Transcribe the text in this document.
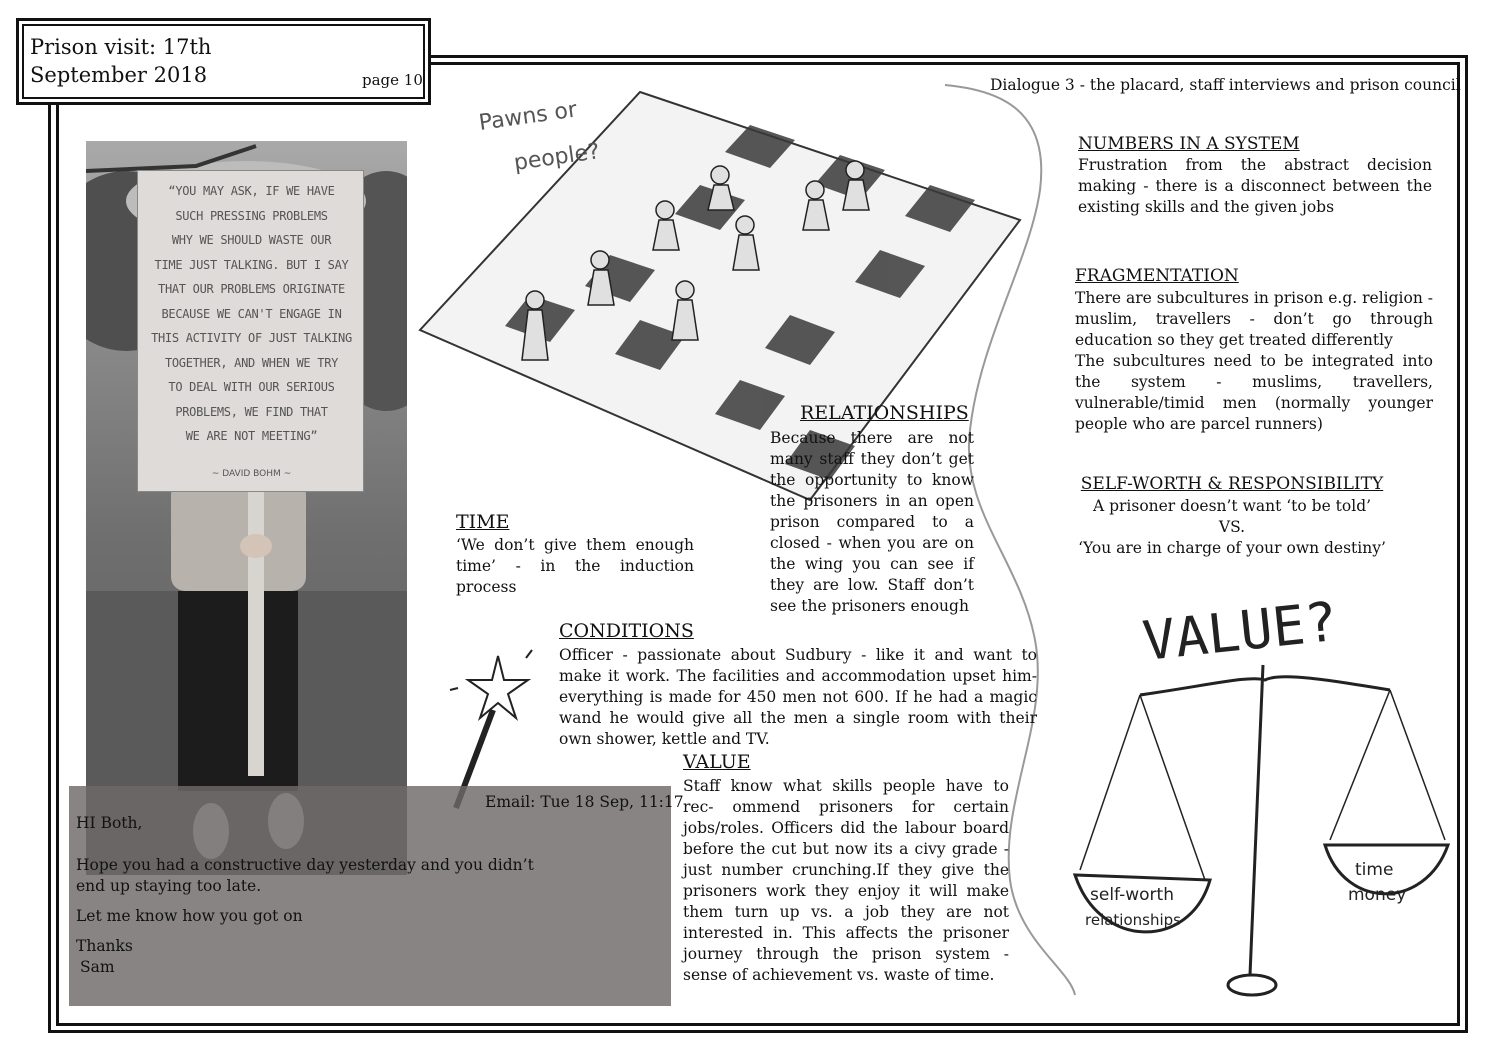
Prison visit: 17th September 2018	page 10	Dialogue 3 - the placard, staff interviews and prison council
“YOU MAY ASK, IF WE HAVE
SUCH PRESSING PROBLEMS
WHY WE SHOULD WASTE OUR
TIME JUST TALKING. BUT I SAY
THAT OUR PROBLEMS ORIGINATE
BECAUSE WE CAN'T ENGAGE IN
THIS ACTIVITY OF JUST TALKING
TOGETHER, AND WHEN WE TRY
TO DEAL WITH OUR SERIOUS
PROBLEMS, WE FIND THAT
WE ARE NOT MEETING”
~ DAVID BOHM ~
Pawns or
people?
RELATIONSHIPS
Because there are not many staff they don’t get the opportunity to know the prisoners in an open prison compared to a closed - when you are on the wing you can see if they are low. Staff don’t see the prisoners enough
TIME
‘We don’t give them enough time’ - in the induction process
CONDITIONS
Officer - passionate about Sudbury - like it and want to make it work. The facilities and accommodation upset him- everything is made for 450 men not 600. If he had a magic wand he would give all the men a single room with their own shower, kettle and TV.
VALUE
Staff know what skills people have to rec- ommend prisoners for certain jobs/roles. Officers did the labour board before the cut but now its a civy grade - just number crunching.If they give the prisoners work they enjoy it will make them turn up vs. a job they are not interested in. This affects the prisoner journey through the prison system - sense of achievement vs. waste of time.
NUMBERS IN A SYSTEM
Frustration from the abstract decision making - there is a disconnect between the existing skills and the given jobs
FRAGMENTATION
There are subcultures in prison e.g. religion - muslim, travellers - don’t go through education so they get treated differently
The subcultures need to be integrated into the system - muslims, travellers, vulnerable/timid men (normally younger people who are parcel runners)
SELF-WORTH & RESPONSIBILITY
A prisoner doesn’t want ‘to be told’
VS.
‘You are in charge of your own destiny’
VALUE?
self-worth
relationships
time
money
Email: Tue 18 Sep, 11:17
HI Both,
Hope you had a constructive day yesterday and you didn’t end up staying too late.
Let me know how you got on
Thanks
Sam
